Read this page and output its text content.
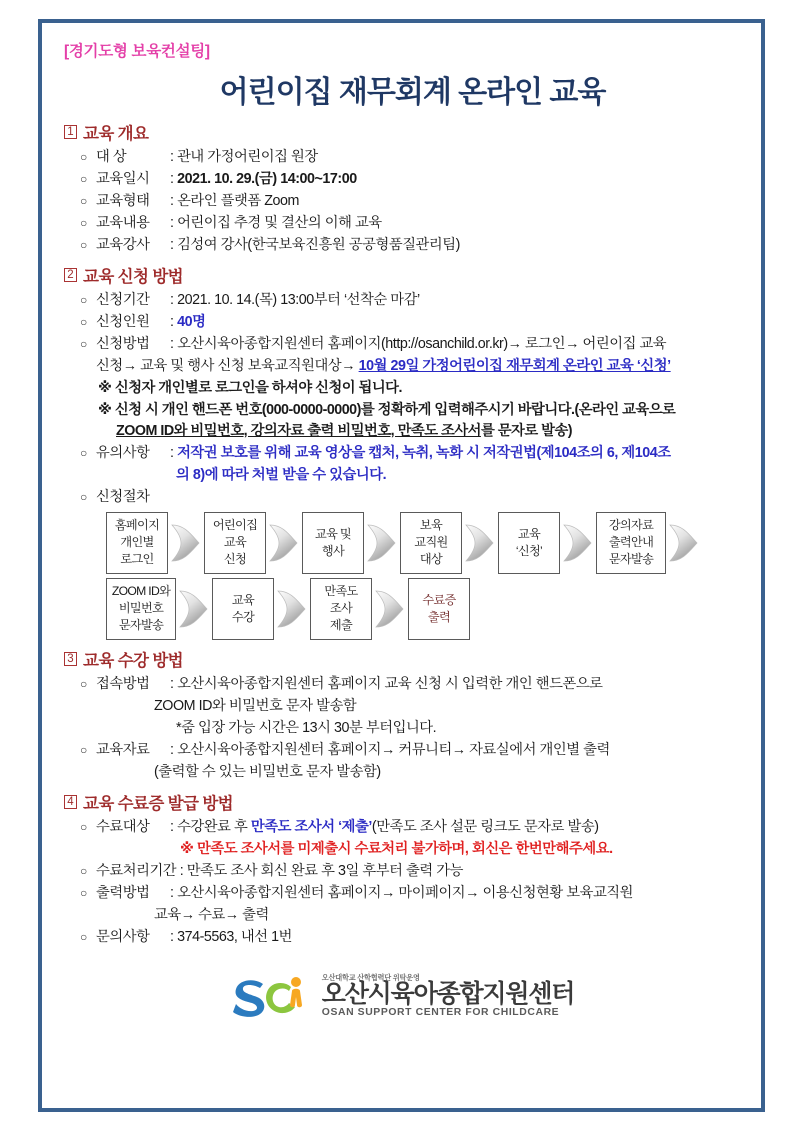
[경기도형 보육컨설팅]
어린이집 재무회계 온라인 교육
1 교육 개요
○ 대 상	: 관내 가정어린이집 원장
○ 교육일시 : 2021. 10. 29.(금) 14:00~17:00
○ 교육형태 : 온라인 플랫폼 Zoom
○ 교육내용 : 어린이집 추경 및 결산의 이해 교육
○ 교육강사 : 김성여 강사(한국보육진흥원 공공형품질관리팀)
2 교육 신청 방법
○ 신청기간 : 2021. 10. 14.(목) 13:00부터 ‘선착순 마감’
○ 신청인원 : 40명
○ 신청방법 : 오산시육아종합지원센터 홈페이지(http://osanchild.or.kr)→ 로그인→ 어린이집 교육
신청→ 교육 및 행사 신청 보육교직원대상→ 10월 29일 가정어린이집 재무회계 온라인 교육 ‘신청’
※ 신청자 개인별로 로그인을 하셔야 신청이 됩니다.
※ 신청 시 개인 핸드폰 번호(000-0000-0000)를 정확하게 입력해주시기 바랍니다.(온라인 교육으로
ZOOM ID와 비밀번호, 강의자료 출력 비밀번호, 만족도 조사서를 문자로 발송)
○ 유의사항 : 저작권 보호를 위해 교육 영상을 캡처, 녹취, 녹화 시 저작권법(제104조의 6, 제104조
의 8)에 따라 처벌 받을 수 있습니다.
○ 신청절차
홈페이지
개인별
로그인
어린이집
교육
신청
교육 및
행사
보육
교직원
대상
교육
‘신청’
강의자료
출력안내
문자발송
ZOOM ID와
비밀번호
문자발송
교육
수강
만족도
조사
제출
수료증
출력
3 교육 수강 방법
○ 접속방법 : 오산시육아종합지원센터 홈페이지 교육 신청 시 입력한 개인 핸드폰으로
ZOOM ID와 비밀번호 문자 발송함
*줌 입장 가능 시간은 13시 30분 부터입니다.
○ 교육자료 : 오산시육아종합지원센터 홈페이지→ 커뮤니티→ 자료실에서 개인별 출력
(출력할 수 있는 비밀번호 문자 발송함)
4 교육 수료증 발급 방법
○ 수료대상 : 수강완료 후 만족도 조사서 ‘제출’(만족도 조사 설문 링크도 문자로 발송)
※ 만족도 조사서를 미제출시 수료처리 불가하며, 회신은 한번만해주세요.
○ 수료처리기간 : 만족도 조사 회신 완료 후 3일 후부터 출력 가능
○ 출력방법 : 오산시육아종합지원센터 홈페이지→ 마이페이지→ 이용신청현황 보육교직원
교육→ 수료→ 출력
○ 문의사항 : 374-5563, 내선 1번
오산대학교 산학협력단 위탁운영
오산시육아종합지원센터
OSAN SUPPORT CENTER FOR CHILDCARE
